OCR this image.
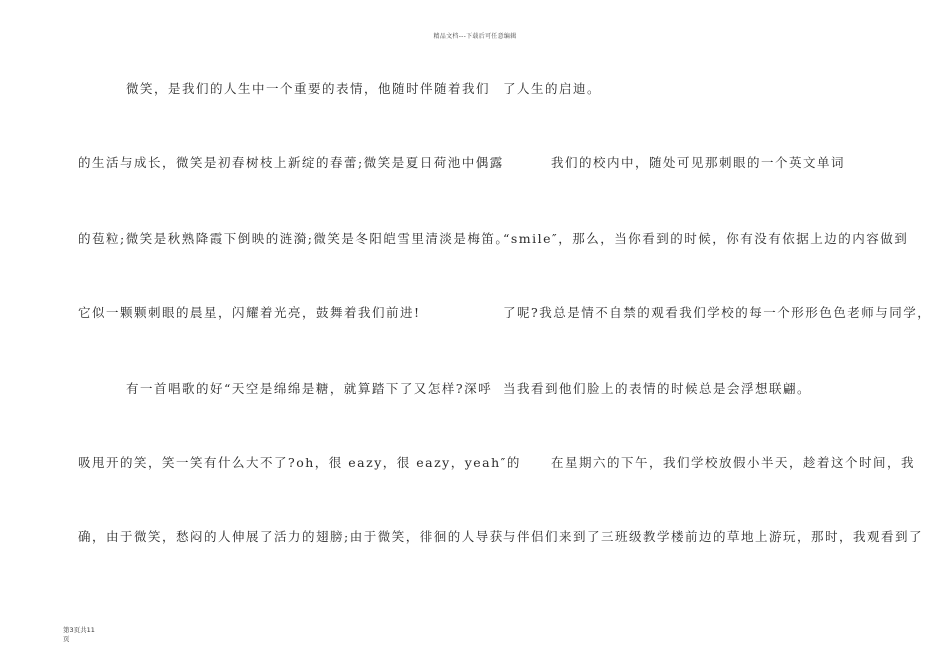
精品文档---下载后可任意编辑
微笑，是我们的人生中一个重要的表情，他随时伴随着我们
的生活与成长，微笑是初春树枝上新绽的春蕾;微笑是夏日荷池中偶露
的苞粒;微笑是秋熟降霞下倒映的涟漪;微笑是冬阳皑雪里清淡是梅笛。
它似一颗颗刺眼的晨星，闪耀着光亮，鼓舞着我们前进!
有一首唱歌的好“天空是绵绵是糖，就算踏下了又怎样?深呼
吸甩开的笑，笑一笑有什么大不了?oh，很 eazy，很 eazy，yeah″的
确，由于微笑，愁闷的人伸展了活力的翅膀;由于微笑，徘徊的人导获
了人生的启迪。
我们的校内中，随处可见那刺眼的一个英文单词
“smile″，那么，当你看到的时候，你有没有依据上边的内容做到
了呢?我总是情不自禁的观看我们学校的每一个形形色色老师与同学，
当我看到他们脸上的表情的时候总是会浮想联翩。
在星期六的下午，我们学校放假小半天，趁着这个时间，我
与伴侣们来到了三班级教学楼前边的草地上游玩，那时，我观看到了
第3页共11
页
